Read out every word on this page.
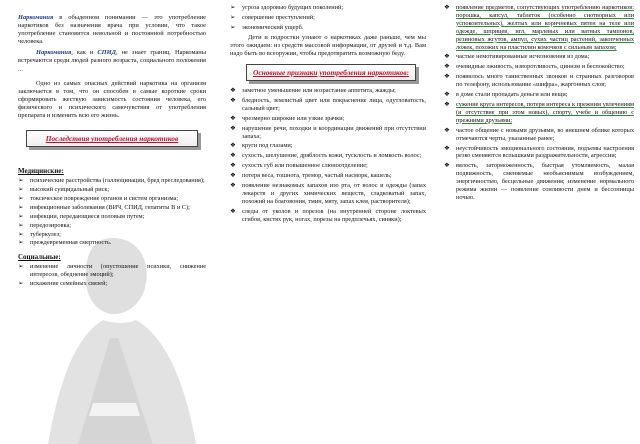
Наркомания в обыденном понимании — это употребление наркотиков без назначения врача при условии, что такое употребление становится невольной и постоянной потребностью человека.

Наркомания, как и СПИД, не знает границ. Наркоманы встречаются среди людей разного возраста, социального положения ...

Одно из самых опасных действий наркотика на организм заключается в том, что он способен в самые короткие сроки сформировать жесткую зависимость состояния человека, его физического и психического самочувствия от употребления препарата и изменить всю его жизнь.

Последствия употребления наркотиков
Медицинские:
➢ психические расстройства (галлюцинации, бред преследования);
➢ высокий суицидальный риск;
➢ токсическое повреждение органов и систем организма;
➢ инфекционные заболевания (ВИЧ, СПИД, гепатиты В и С);
➢ инфекции, передающиеся половым путем;
➢ передозировка;
➢ туберкулез;
➢ преждевременная смертность.
Социальные:
➢ изменение личности (опустошение психики, снижение интересов, обеднение эмоций);
➢ искажение семейных связей;
➢ угроза здоровью будущих поколений;
➢ совершение преступлений;
➢ экономический ущерб.

Дети и подростки узнают о наркотиках даже раньше, чем мы этого ожидаем: из средств массовой информации, от друзей и т.д. Вам надо быть во всеоружии, чтобы предотвратить возможную беду.

Основные признаки употребления наркотиков:
❖ заметное уменьшение или возрастание аппетита, жажды;
❖ бледность, землистый цвет или покраснение лица, одутловатость, сальный цвет;
❖ чрезмерно широкие или узкие зрачки;
❖ нарушение речи, походки и координации движений при отсутствии запаха;
❖ круги под глазами;
❖ сухость, шелушение, дряблость кожи, тусклость и ломкость волос;
❖ сухость губ или повышенное слюноотделение;
❖ потеря веса, тошнота, тремор, частый насморк, кашель;
❖ появление незнакомых запахов изо рта, от волос и одежды (запах лекарств и других химических веществ, сладковатый запах, похожий на благовония, тмин, мяту, запах клея, растворителя);
❖ следы от уколов и порезов (на внутренней стороне локтевых сгибов, кистях рук, ногах, порезы на предплечьях, синяки);
❖ появление предметов, сопутствующих употреблению наркотиков: порошка, капсул, таблеток (особенно снотворных или успокоительных), желтых или коричневых пятен на теле или одежде, шприцев, игл, марлевых или ватных тампонов, резиновых жгутов, ампул, сухих частиц растений, закопченных ложек, похожих на пластилин комочков с сильным запахом;
❖ частые немотивированные исчезновения из дома;
❖ очевидные лживость, изворотливость, цинизм и беспокойство;
❖ появилось много таинственных звонков и странных разговоров по телефону, использование «шифра», жаргонных слов;
❖ в доме стали пропадать деньги или вещи;
❖ сужение круга интересов, потеря интереса к прежним увлечениям (и отсутствие при этом новых), спорту, учебе и общению с прежними друзьями;
❖ частое общение с новыми друзьями, во внешнем облике которых отмечаются черты, указанные ранее;
❖ неустойчивость эмоционального состояния, подъемы настроения резко сменяются вспышками раздражительности, агрессии;
❖ вялость, заторможенность, быстрая утомляемость, малая подвижность, сменяемые необъяснимым возбуждением, энергичностью, бесцельные движения; изменение нормального режима жизни — появление сонливости днем и бессонницы ночью.
